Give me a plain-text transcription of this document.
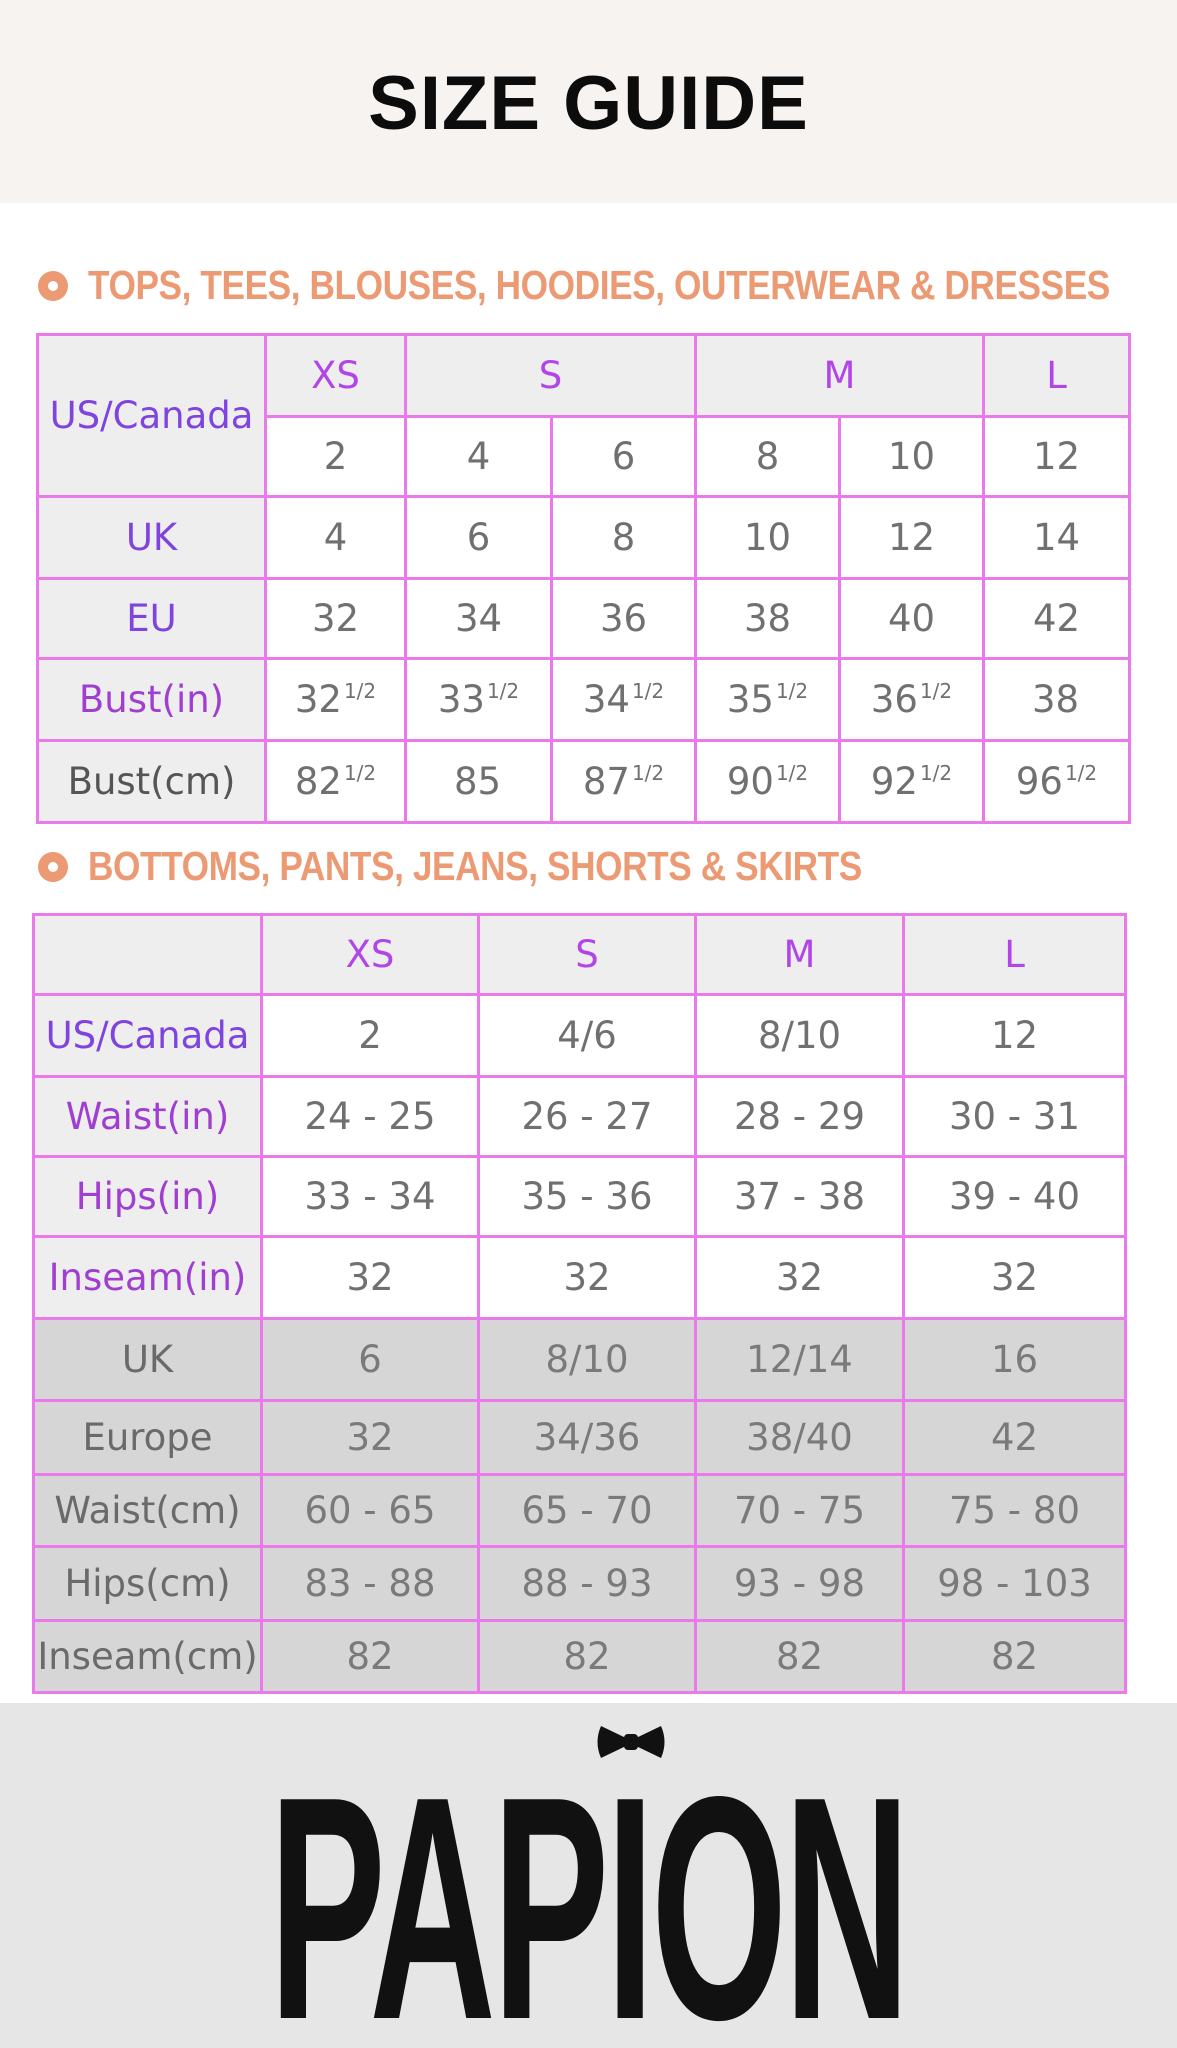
SIZE GUIDE
TOPS, TEES, BLOUSES, HOODIES, OUTERWEAR & DRESSES
US/Canada	XS	S		M		L
	2	4	6	8	10	12
UK	4	6	8	10	12	14
EU	32	34	36	38	40	42
Bust(in)	32 $^{1/2}$	33 $^{1/2}$	34 $^{1/2}$	35 $^{1/2}$	36 $^{1/2}$	38
Bust(cm)	82 $^{1/2}$	85	87 $^{1/2}$	90 $^{1/2}$	92 $^{1/2}$	96 $^{1/2}$
BOTTOMS, PANTS, JEANS, SHORTS & SKIRTS
	XS	S	M	L
US/Canada	2	4/6	8/10	12
Waist(in)	24 - 25	26 - 27	28 - 29	30 - 31
Hips(in)	33 - 34	35 - 36	37 - 38	39 - 40
Inseam(in)	32	32	32	32
UK	6	8/10	12/14	16
Europe	32	34/36	38/40	42
Waist(cm)	60 - 65	65 - 70	70 - 75	75 - 80
Hips(cm)	83 - 88	88 - 93	93 - 98	98 - 103
Inseam(cm)	82	82	82	82
PAPION
